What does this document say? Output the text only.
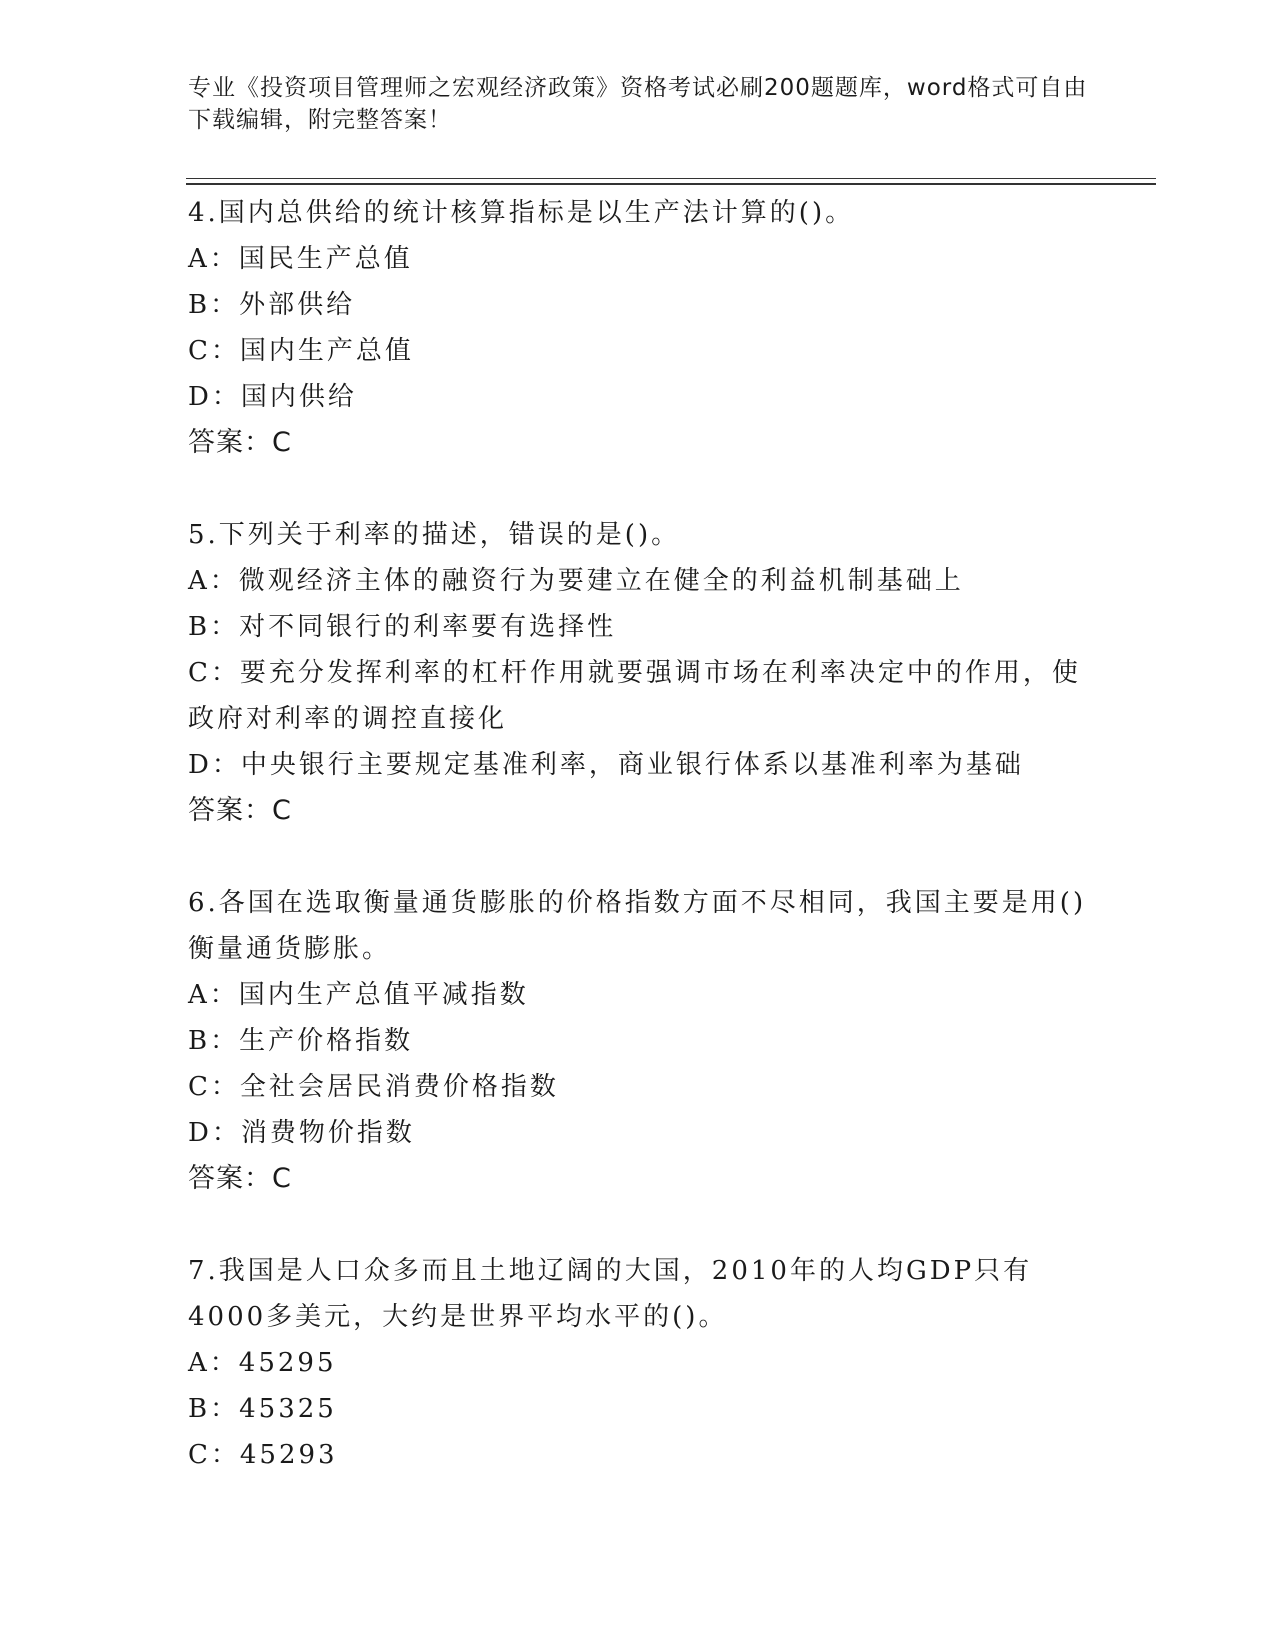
专业《投资项目管理师之宏观经济政策》资格考试必刷200题题库，word格式可自由下载编辑，附完整答案！
4.国内总供给的统计核算指标是以生产法计算的()。
A：国民生产总值
B：外部供给
C：国内生产总值
D：国内供给
答案：C
5.下列关于利率的描述，错误的是()。
A：微观经济主体的融资行为要建立在健全的利益机制基础上
B：对不同银行的利率要有选择性
C：要充分发挥利率的杠杆作用就要强调市场在利率决定中的作用，使政府对利率的调控直接化
D：中央银行主要规定基准利率，商业银行体系以基准利率为基础
答案：C
6.各国在选取衡量通货膨胀的价格指数方面不尽相同，我国主要是用()衡量通货膨胀。
A：国内生产总值平减指数
B：生产价格指数
C：全社会居民消费价格指数
D：消费物价指数
答案：C
7.我国是人口众多而且土地辽阔的大国，2010年的人均GDP只有4000多美元，大约是世界平均水平的()。
A：45295
B：45325
C：45293
